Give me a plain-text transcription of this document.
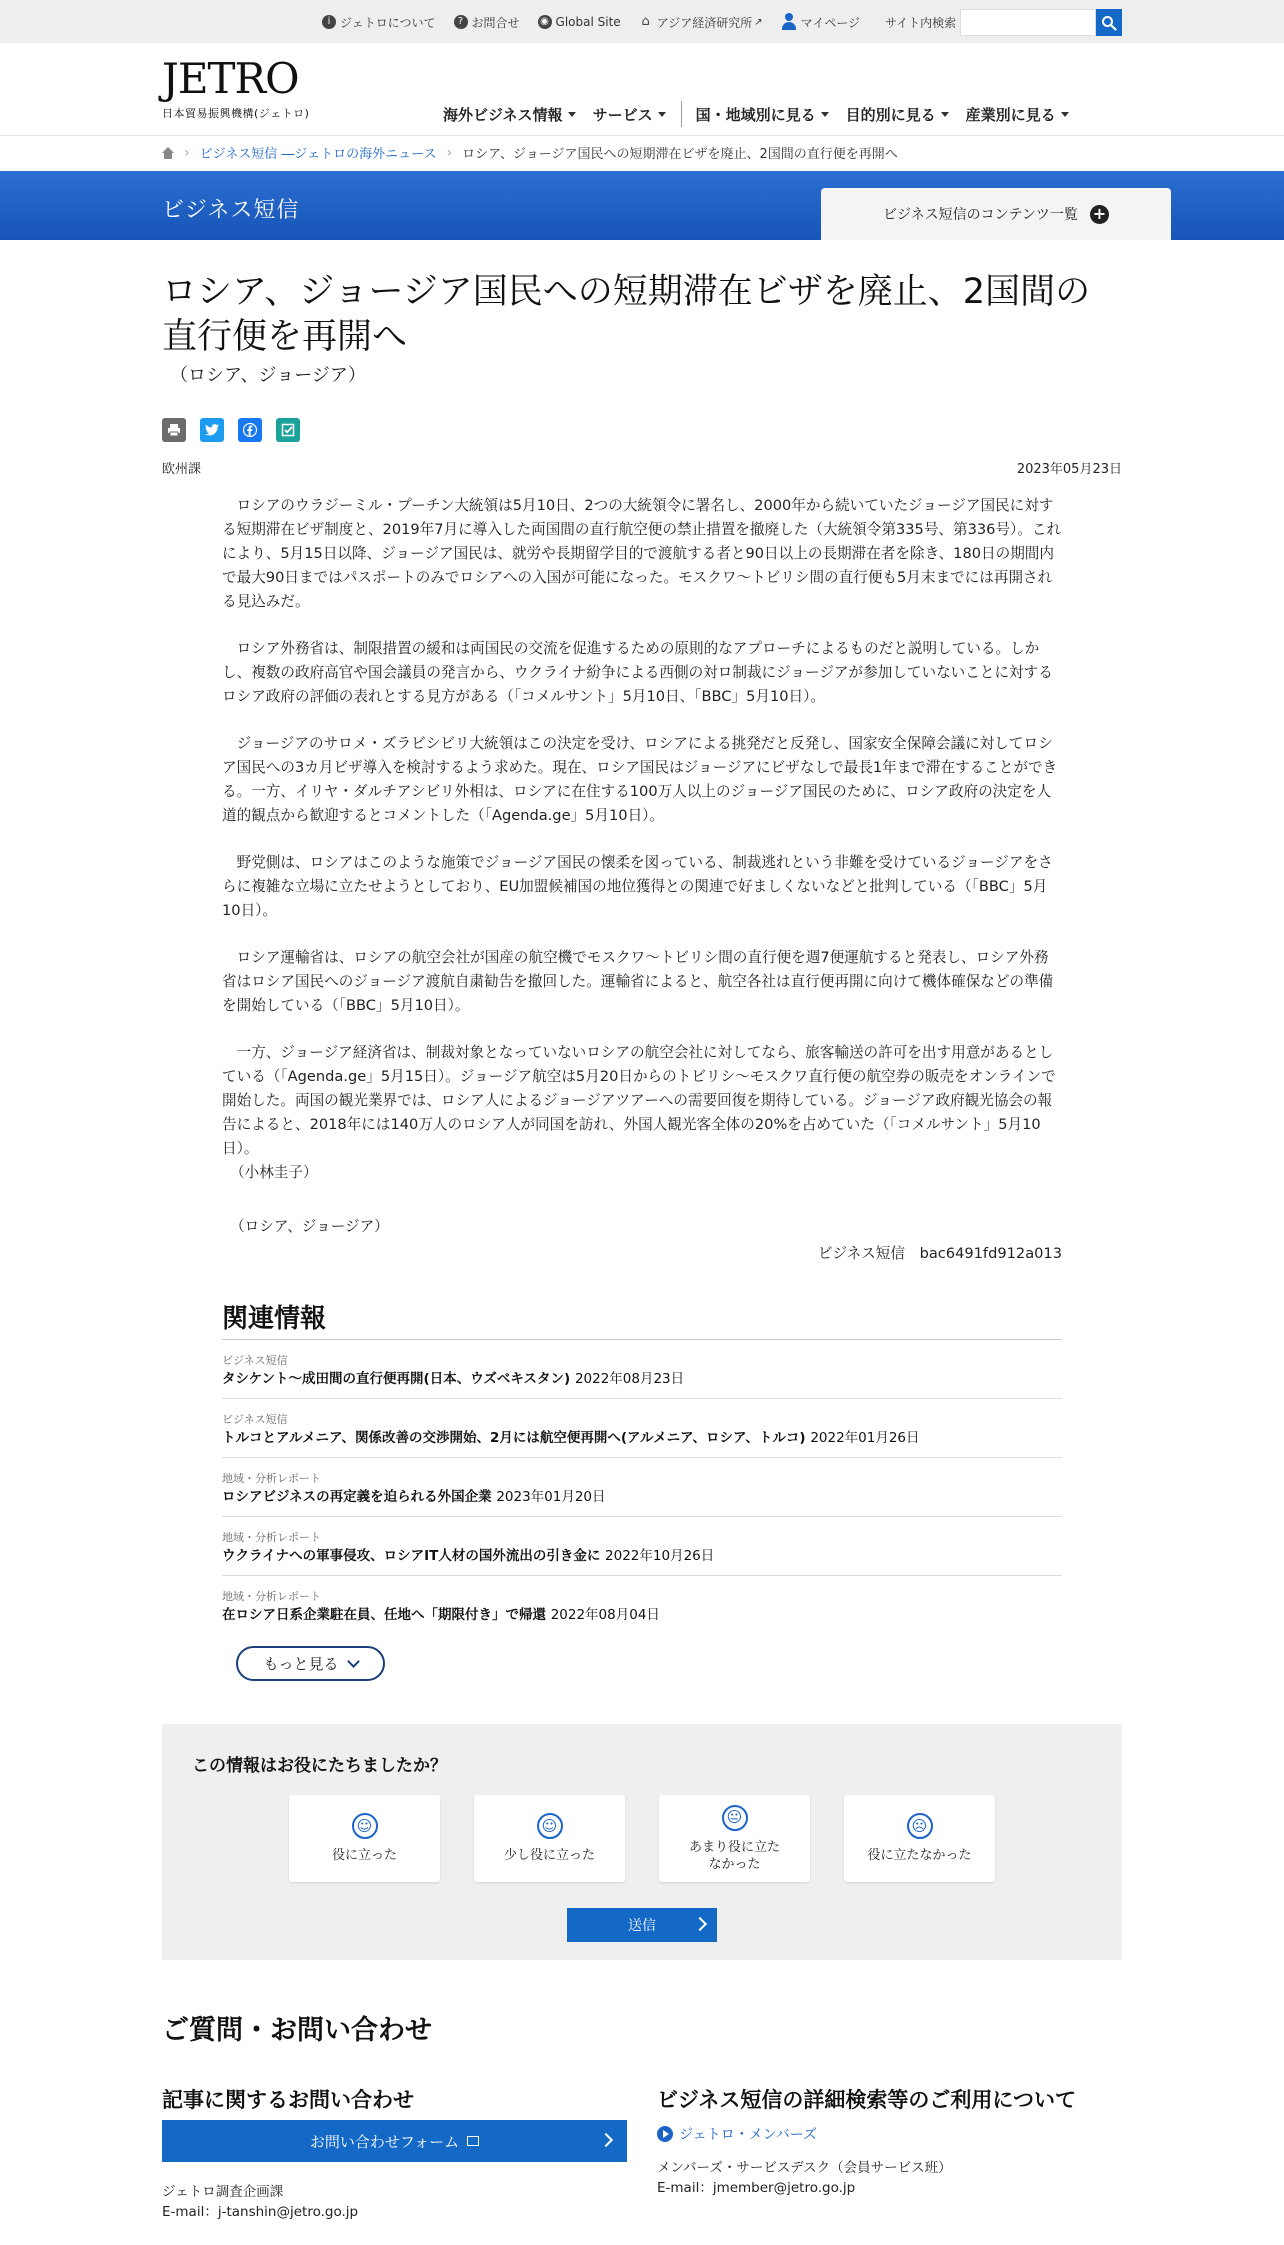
i ジェトロについて	? お問合せ ◉ Global Site ⌂ アジア経済研究所 ↗	マイページ サイト内検索
JETRO
日本貿易振興機構(ジェトロ)	海外ビジネス情報 サービス	国・地域別に見る 目的別に見る 産業別に見る
› ビジネス短信 ―ジェトロの海外ニュース › ロシア、ジョージア国民への短期滞在ビザを廃止、2国間の直行便を再開へ
ビジネス短信	ビジネス短信のコンテンツ一覧 +
ロシア、ジョージア国民への短期滞在ビザを廃止、2国間の直行便を再開へ
（ロシア、ジョージア）
欧州課	2023年05月23日

ロシアのウラジーミル・プーチン大統領は5月10日、2つの大統領令に署名し、2000年から続いていたジョージア国民に対する短期滞在ビザ制度と、2019年7月に導入した両国間の直行航空便の禁止措置を撤廃した（大統領令第335号、第336号）。これにより、5月15日以降、ジョージア国民は、就労や長期留学目的で渡航する者と90日以上の長期滞在者を除き、180日の期間内で最大90日まではパスポートのみでロシアへの入国が可能になった。モスクワ～トビリシ間の直行便も5月末までには再開される見込みだ。

ロシア外務省は、制限措置の緩和は両国民の交流を促進するための原則的なアプローチによるものだと説明している。しかし、複数の政府高官や国会議員の発言から、ウクライナ紛争による西側の対ロ制裁にジョージアが参加していないことに対するロシア政府の評価の表れとする見方がある（「コメルサント」5月10日、「BBC」5月10日）。

ジョージアのサロメ・ズラビシビリ大統領はこの決定を受け、ロシアによる挑発だと反発し、国家安全保障会議に対してロシア国民への3カ月ビザ導入を検討するよう求めた。現在、ロシア国民はジョージアにビザなしで最長1年まで滞在することができる。一方、イリヤ・ダルチアシビリ外相は、ロシアに在住する100万人以上のジョージア国民のために、ロシア政府の決定を人道的観点から歓迎するとコメントした（「Agenda.ge」5月10日）。

野党側は、ロシアはこのような施策でジョージア国民の懐柔を図っている、制裁逃れという非難を受けているジョージアをさらに複雑な立場に立たせようとしており、EU加盟候補国の地位獲得との関連で好ましくないなどと批判している（「BBC」5月10日）。

ロシア運輸省は、ロシアの航空会社が国産の航空機でモスクワ～トビリシ間の直行便を週7便運航すると発表し、ロシア外務省はロシア国民へのジョージア渡航自粛勧告を撤回した。運輸省によると、航空各社は直行便再開に向けて機体確保などの準備を開始している（「BBC」5月10日）。

一方、ジョージア経済省は、制裁対象となっていないロシアの航空会社に対してなら、旅客輸送の許可を出す用意があるとしている（「Agenda.ge」5月15日）。ジョージア航空は5月20日からのトビリシ～モスクワ直行便の航空券の販売をオンラインで開始した。両国の観光業界では、ロシア人によるジョージアツアーへの需要回復を期待している。ジョージア政府観光協会の報告によると、2018年には140万人のロシア人が同国を訪れ、外国人観光客全体の20%を占めていた（「コメルサント」5月10日）。

（小林圭子）
（ロシア、ジョージア）
ビジネス短信　bac6491fd912a013
関連情報
ビジネス短信
タシケント～成田間の直行便再開(日本、ウズベキスタン) 2022年08月23日
ビジネス短信
トルコとアルメニア、関係改善の交渉開始、2月には航空便再開へ(アルメニア、ロシア、トルコ) 2022年01月26日
地域・分析レポート
ロシアビジネスの再定義を迫られる外国企業 2023年01月20日
地域・分析レポート
ウクライナへの軍事侵攻、ロシアIT人材の国外流出の引き金に 2022年10月26日
地域・分析レポート
在ロシア日系企業駐在員、任地へ「期限付き」で帰還 2022年08月04日
もっと見る
この情報はお役にたちましたか？
☺
役に立った
☺
少し役に立った
😐
あまり役に立たなかった
☹
役に立たなかった
送信
ご質問・お問い合わせ
記事に関するお問い合わせ
お問い合わせフォーム
ジェトロ調査企画課
E-mail：j-tanshin@jetro.go.jp
ビジネス短信の詳細検索等のご利用について
ジェトロ・メンバーズ
メンバーズ・サービスデスク（会員サービス班）
E-mail：jmember@jetro.go.jp
